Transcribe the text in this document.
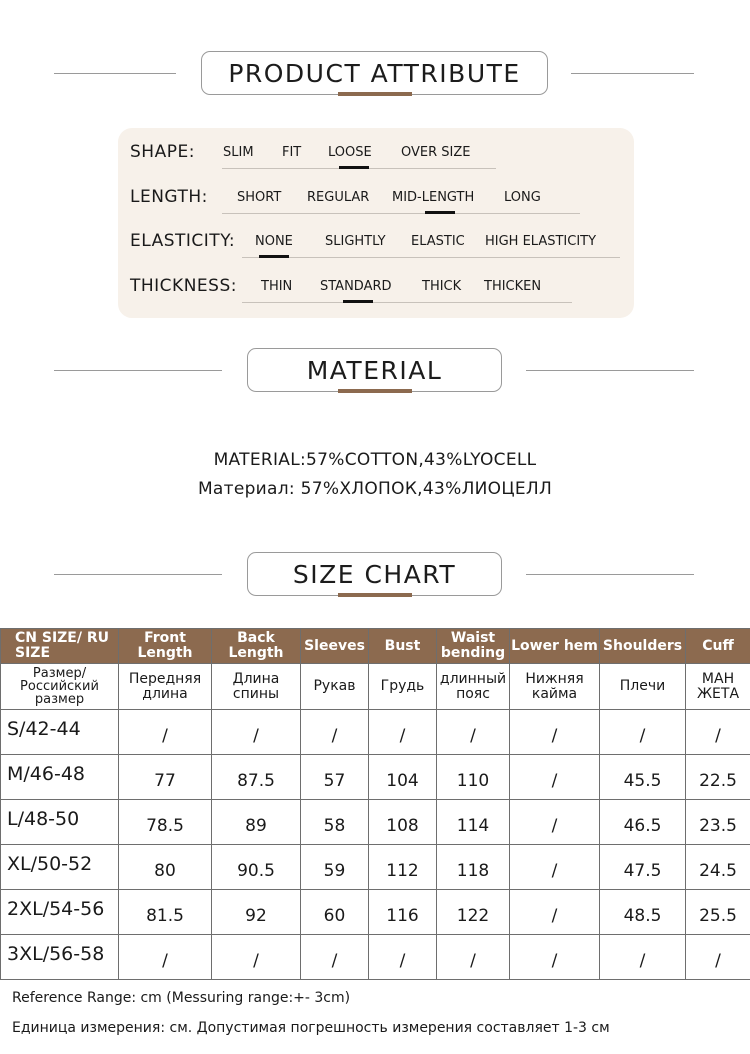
PRODUCT ATTRIBUTE
SHAPE: SLIM FIT LOOSE OVER SIZE
LENGTH: SHORT REGULAR MID-LENGTH LONG
ELASTICITY: NONE SLIGHTLY ELASTIC HIGH ELASTICITY
THICKNESS: THIN STANDARD THICK THICKEN
MATERIAL
MATERIAL:57%COTTON,43%LYOCELL
Материал: 57%ХЛОПОК,43%ЛИОЦЕЛЛ
SIZE CHART
CN SIZE/ RU SIZE	Front Length	Back Length	Sleeves	Bust	Waist bending	Lower hem	Shoulders	Cuff
Размер/ Российский размер	Передняя длина	Длина спины	Рукав	Грудь	длинный пояс	Нижняя кайма	Плечи	МАН ЖЕТА
S/42-44	/	/	/	/	/	/	/	/
M/46-48	77	87.5	57	104	110	/	45.5	22.5
L/48-50	78.5	89	58	108	114	/	46.5	23.5
XL/50-52	80	90.5	59	112	118	/	47.5	24.5
2XL/54-56	81.5	92	60	116	122	/	48.5	25.5
3XL/56-58	/	/	/	/	/	/	/	/
Reference Range: cm (Messuring range:+- 3cm)
Единица измерения: см. Допустимая погрешность измерения составляет 1-3 см
